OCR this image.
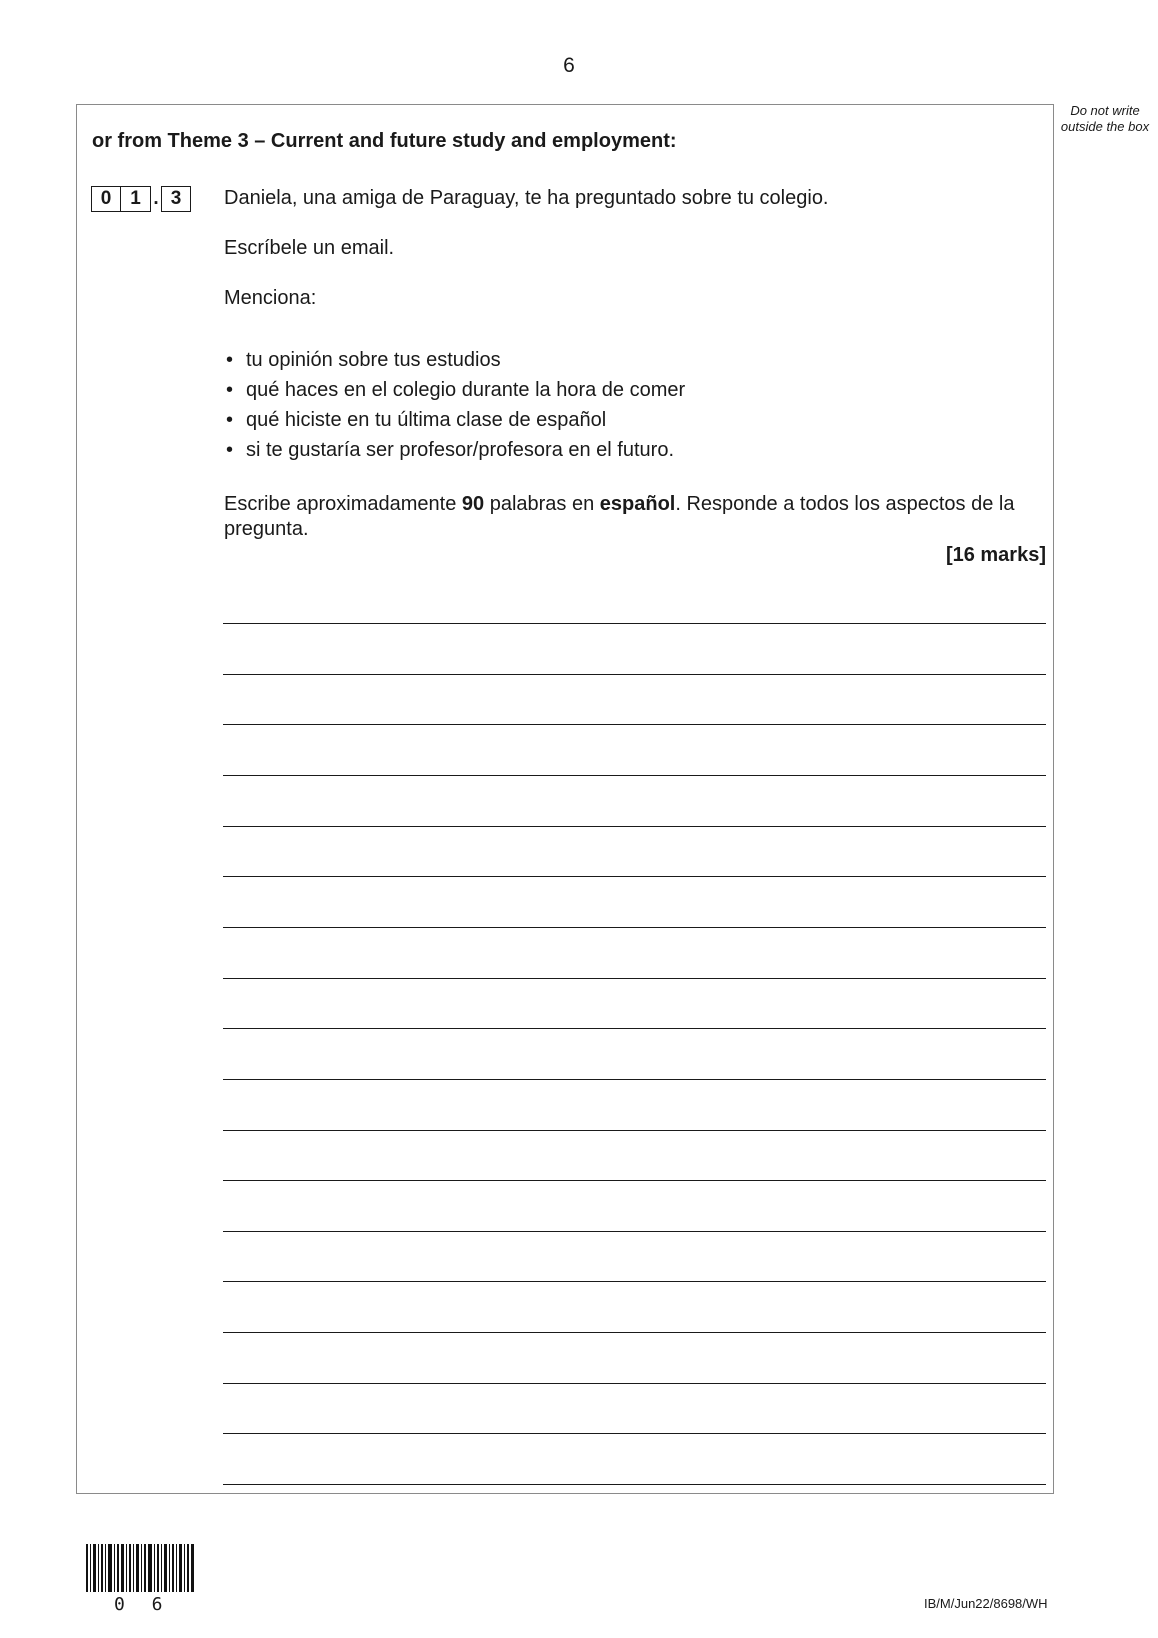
6
Do not write outside the box
or from Theme 3 – Current and future study and employment:
0 1 . 3	Daniela, una amiga de Paraguay, te ha preguntado sobre tu colegio.
Escríbele un email.
Menciona:
• tu opinión sobre tus estudios
• qué haces en el colegio durante la hora de comer
• qué hiciste en tu última clase de español
• si te gustaría ser profesor/profesora en el futuro.
Escribe aproximadamente 90 palabras en español. Responde a todos los aspectos de la pregunta.
[16 marks]
0 6	IB/M/Jun22/8698/WH
